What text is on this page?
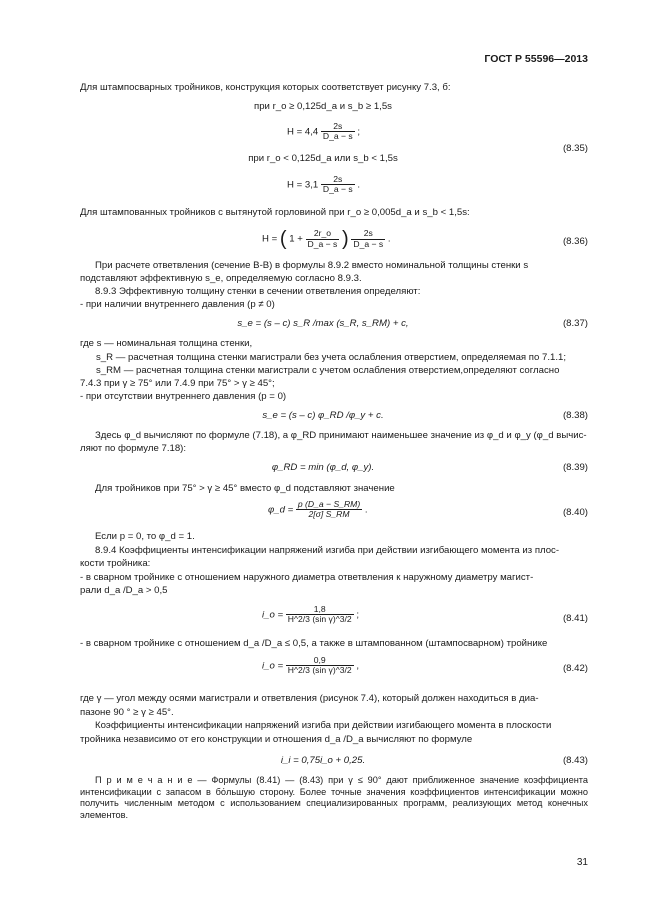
ГОСТ Р 55596—2013
Для штампосварных тройников, конструкция которых соответствует рисунку 7.3, б:
при r_o ≥ 0,125d_a и s_b ≥ 1,5s
$H = 4,4 \frac{2s}{D\_a - s}$ ;
(8.35)
при r_o < 0,125d_a или s_b < 1,5s
$H = 3,1 \frac{2s}{D\_a - s}$ .
Для штампованных тройников с вытянутой горловиной при r_o ≥ 0,005d_a и s_b < 1,5s:
H = ( $1 + \frac{2r\_o}{D\_a - s}$ ) $\frac{2s}{D\_a - s}$ .	(8.36)
При расчете ответвления (сечение В-В) в формулы 8.9.2 вместо номинальной толщины стенки s
подставляют эффективную s_e, определяемую согласно 8.9.3.
8.9.3 Эффективную толщину стенки в сечении ответвления определяют:
- при наличии внутреннего давления (p ≠ 0)
s_e = (s – c) s_R /max (s_R, s_RM) + c,	(8.37)
где s — номинальная толщина стенки,
s_R — расчетная толщина стенки магистрали без учета ослабления отверстием, определяемая по 7.1.1;
s_RM — расчетная толщина стенки магистрали с учетом ослабления отверстием,определяют согласно
7.4.3 при γ ≥ 75° или 7.4.9 при 75° > γ ≥ 45°;
- при отсутствии внутреннего давления (p = 0)
s_e = (s – c) φ_RD /φ_y + c.	(8.38)
Здесь φ_d вычисляют по формуле (7.18), а φ_RD принимают наименьшее значение из φ_d и φ_y (φ_d вычис-
ляют по формуле 7.18):
φ_RD = min (φ_d, φ_y).	(8.39)
Для тройников при 75° > γ ≥ 45° вместо φ_d подставляют значение
φ_d = $\frac{p (D\_a - S\_RM)}{2[\sigma] S\_RM}$ .	(8.40)
Если p = 0, то φ_d = 1.
8.9.4 Коэффициенты интенсификации напряжений изгиба при действии изгибающего момента из плос-
кости тройника:
- в сварном тройнике с отношением наружного диаметра ответвления к наружному диаметру магист-
рали d_a /D_a > 0,5
i_o = $\frac{1,8}{\text{H\textasciicircum{}2/3 (sin γ)\textasciicircum{}3/2}}$ ;	(8.41)
- в сварном тройнике с отношением d_a /D_a ≤ 0,5, а также в штампованном (штампосварном) тройнике
i_o = $\frac{0,9}{\text{H\textasciicircum{}2/3 (sin γ)\textasciicircum{}3/2}}$ ,	(8.42)
где γ — угол между осями магистрали и ответвления (рисунок 7.4), который должен находиться в диа-
пазоне 90 ° ≥ γ ≥ 45°.
Коэффициенты интенсификации напряжений изгиба при действии изгибающего момента в плоскости
тройника независимо от его конструкции и отношения d_a /D_a вычисляют по формуле
i_i = 0,75i_o + 0,25.	(8.43)
П р и м е ч а н и е — Формулы (8.41) — (8.43) при γ ≤ 90° дают приближенное значение коэффициента интенсификации с запасом в бόльшую сторону. Более точные значения коэффициентов интенсификации можно получить численным методом с использованием специализированных программ, реализующих метод конечных элементов.
31
